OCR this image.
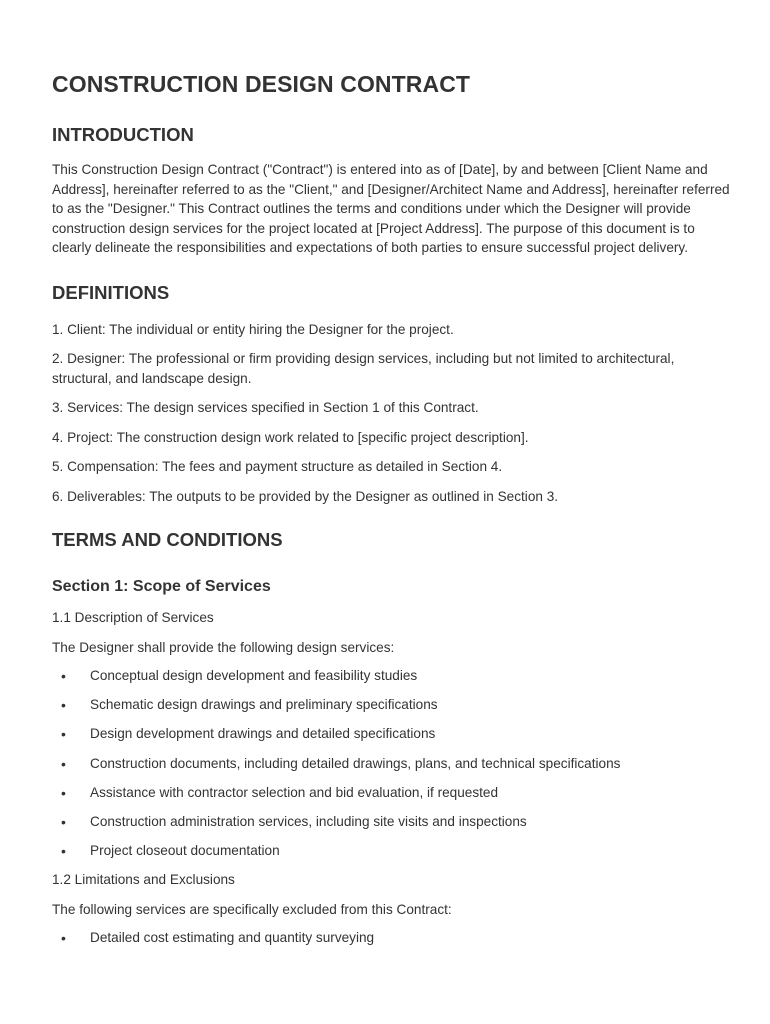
CONSTRUCTION DESIGN CONTRACT
INTRODUCTION

This Construction Design Contract ("Contract") is entered into as of [Date], by and between [Client Name and Address], hereinafter referred to as the "Client," and [Designer/Architect Name and Address], hereinafter referred to as the "Designer." This Contract outlines the terms and conditions under which the Designer will provide construction design services for the project located at [Project Address]. The purpose of this document is to clearly delineate the responsibilities and expectations of both parties to ensure successful project delivery.

DEFINITIONS

1. Client: The individual or entity hiring the Designer for the project.

2. Designer: The professional or firm providing design services, including but not limited to architectural, structural, and landscape design.

3. Services: The design services specified in Section 1 of this Contract.

4. Project: The construction design work related to [specific project description].

5. Compensation: The fees and payment structure as detailed in Section 4.

6. Deliverables: The outputs to be provided by the Designer as outlined in Section 3.

TERMS AND CONDITIONS
Section 1: Scope of Services

1.1 Description of Services

The Designer shall provide the following design services:

• Conceptual design development and feasibility studies
• Schematic design drawings and preliminary specifications
• Design development drawings and detailed specifications
• Construction documents, including detailed drawings, plans, and technical specifications
• Assistance with contractor selection and bid evaluation, if requested
• Construction administration services, including site visits and inspections
• Project closeout documentation

1.2 Limitations and Exclusions

The following services are specifically excluded from this Contract:

• Detailed cost estimating and quantity surveying
